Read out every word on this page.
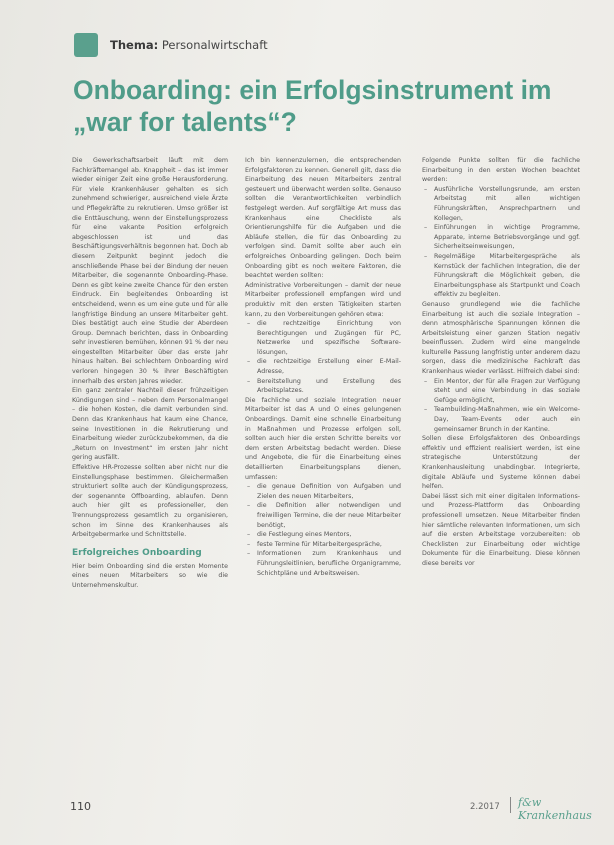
Thema: Personalwirtschaft
Onboarding: ein Erfolgsinstrument im
„war for talents“?

Die Gewerkschaftsarbeit läuft mit dem Fachkräftemangel ab. Knappheit – das ist immer wieder einiger Zeit eine große Herausforderung. Für viele Krankenhäuser gehalten es sich zunehmend schwieriger, ausreichend viele Ärzte und Pflegekräfte zu rekrutieren. Umso größer ist die Enttäuschung, wenn der Einstellungsprozess für eine vakante Position erfolgreich abgeschlossen ist und das Beschäftigungsverhältnis begonnen hat. Doch ab diesem Zeitpunkt beginnt jedoch die anschließende Phase bei der Bindung der neuen Mitarbeiter, die sogenannte Onboarding-Phase. Denn es gibt keine zweite Chance für den ersten Eindruck. Ein begleitendes Onboarding ist entscheidend, wenn es um eine gute und für alle langfristige Bindung an unsere Mitarbeiter geht. Dies bestätigt auch eine Studie der Aberdeen Group. Demnach berichten, dass in Onboarding sehr investieren bemühen, können 91 % der neu eingestellten Mitarbeiter über das erste Jahr hinaus halten. Bei schlechtem Onboarding wird verloren hingegen 30 % ihrer Beschäftigten innerhalb des ersten Jahres wieder.

Ein ganz zentraler Nachteil dieser frühzeitigen Kündigungen sind – neben dem Personalmangel – die hohen Kosten, die damit verbunden sind. Denn das Krankenhaus hat kaum eine Chance, seine Investitionen in die Rekrutierung und Einarbeitung wieder zurückzubekommen, da die „Return on Investment“ im ersten Jahr nicht gering ausfällt.

Effektive HR-Prozesse sollten aber nicht nur die Einstellungsphase bestimmen. Gleichermaßen strukturiert sollte auch der Kündigungsprozess, der sogenannte Offboarding, ablaufen. Denn auch hier gilt es professioneller, den Trennungsprozess gesamtlich zu organisieren, schon im Sinne des Krankenhauses als Arbeitgebermarke und Schnittstelle.

Erfolgreiches Onboarding

Hier beim Onboarding sind die ersten Momente eines neuen Mitarbeiters so wie die Unternehmenskultur.

Ich bin kennenzulernen, die entsprechenden Erfolgsfaktoren zu kennen. Generell gilt, dass die Einarbeitung des neuen Mitarbeiters zentral gesteuert und überwacht werden sollte. Genauso sollten die Verantwortlichkeiten verbindlich festgelegt werden. Auf sorgfältige Art muss das Krankenhaus eine Checkliste als Orientierungshilfe für die Aufgaben und die Abläufe stellen, die für das Onboarding zu verfolgen sind. Damit sollte aber auch ein erfolgreiches Onboarding gelingen. Doch beim Onboarding gibt es noch weitere Faktoren, die beachtet werden sollten:

Administrative Vorbereitungen – damit der neue Mitarbeiter professionell empfangen wird und produktiv mit den ersten Tätigkeiten starten kann, zu den Vorbereitungen gehören etwa:

– die rechtzeitige Einrichtung von Berechtigungen und Zugängen für PC, Netzwerke und spezifische Software-lösungen,
– die rechtzeitige Erstellung einer E-Mail-Adresse,
– Bereitstellung und Erstellung des Arbeitsplatzes.

Die fachliche und soziale Integration neuer Mitarbeiter ist das A und O eines gelungenen Onboardings. Damit eine schnelle Einarbeitung in Maßnahmen und Prozesse erfolgen soll, sollten auch hier die ersten Schritte bereits vor dem ersten Arbeitstag bedacht werden. Diese und Angebote, die für die Einarbeitung eines detaillierten Einarbeitungsplans dienen, umfassen:

– die genaue Definition von Aufgaben und Zielen des neuen Mitarbeiters,
– die Definition aller notwendigen und freiwilligen Termine, die der neue Mitarbeiter benötigt,
– die Festlegung eines Mentors,
– feste Termine für Mitarbeitergespräche,
– Informationen zum Krankenhaus und Führungsleitlinien, berufliche Organigramme, Schichtpläne und Arbeitsweisen.

Folgende Punkte sollten für die fachliche Einarbeitung in den ersten Wochen beachtet werden:

– Ausführliche Vorstellungsrunde, am ersten Arbeitstag mit allen wichtigen Führungskräften, Ansprechpartnern und Kollegen,
– Einführungen in wichtige Programme, Apparate, interne Betriebsvorgänge und ggf. Sicherheitseinweisungen,
– Regelmäßige Mitarbeitergespräche als Kernstück der fachlichen Integration, die der Führungskraft die Möglichkeit geben, die Einarbeitungsphase als Startpunkt und Coach effektiv zu begleiten.

Genauso grundlegend wie die fachliche Einarbeitung ist auch die soziale Integration – denn atmosphärische Spannungen können die Arbeitsleistung einer ganzen Station negativ beeinflussen. Zudem wird eine mangelnde kulturelle Passung langfristig unter anderem dazu sorgen, dass die medizinische Fachkraft das Krankenhaus wieder verlässt. Hilfreich dabei sind:

– Ein Mentor, der für alle Fragen zur Verfügung steht und eine Verbindung in das soziale Gefüge ermöglicht,
– Teambuilding-Maßnahmen, wie ein Welcome-Day, Team-Events oder auch ein gemeinsamer Brunch in der Kantine.

Sollen diese Erfolgsfaktoren des Onboardings effektiv und effizient realisiert werden, ist eine strategische Unterstützung der Krankenhausleitung unabdingbar. Integrierte, digitale Abläufe und Systeme können dabei helfen.

Dabei lässt sich mit einer digitalen Informations- und Prozess-Plattform das Onboarding professionell umsetzen. Neue Mitarbeiter finden hier sämtliche relevanten Informationen, um sich auf die ersten Arbeitstage vorzubereiten: ob Checklisten zur Einarbeitung oder wichtige Dokumente für die Einarbeitung. Diese können diese bereits vor

110	2.2017 f&w Krankenhaus
